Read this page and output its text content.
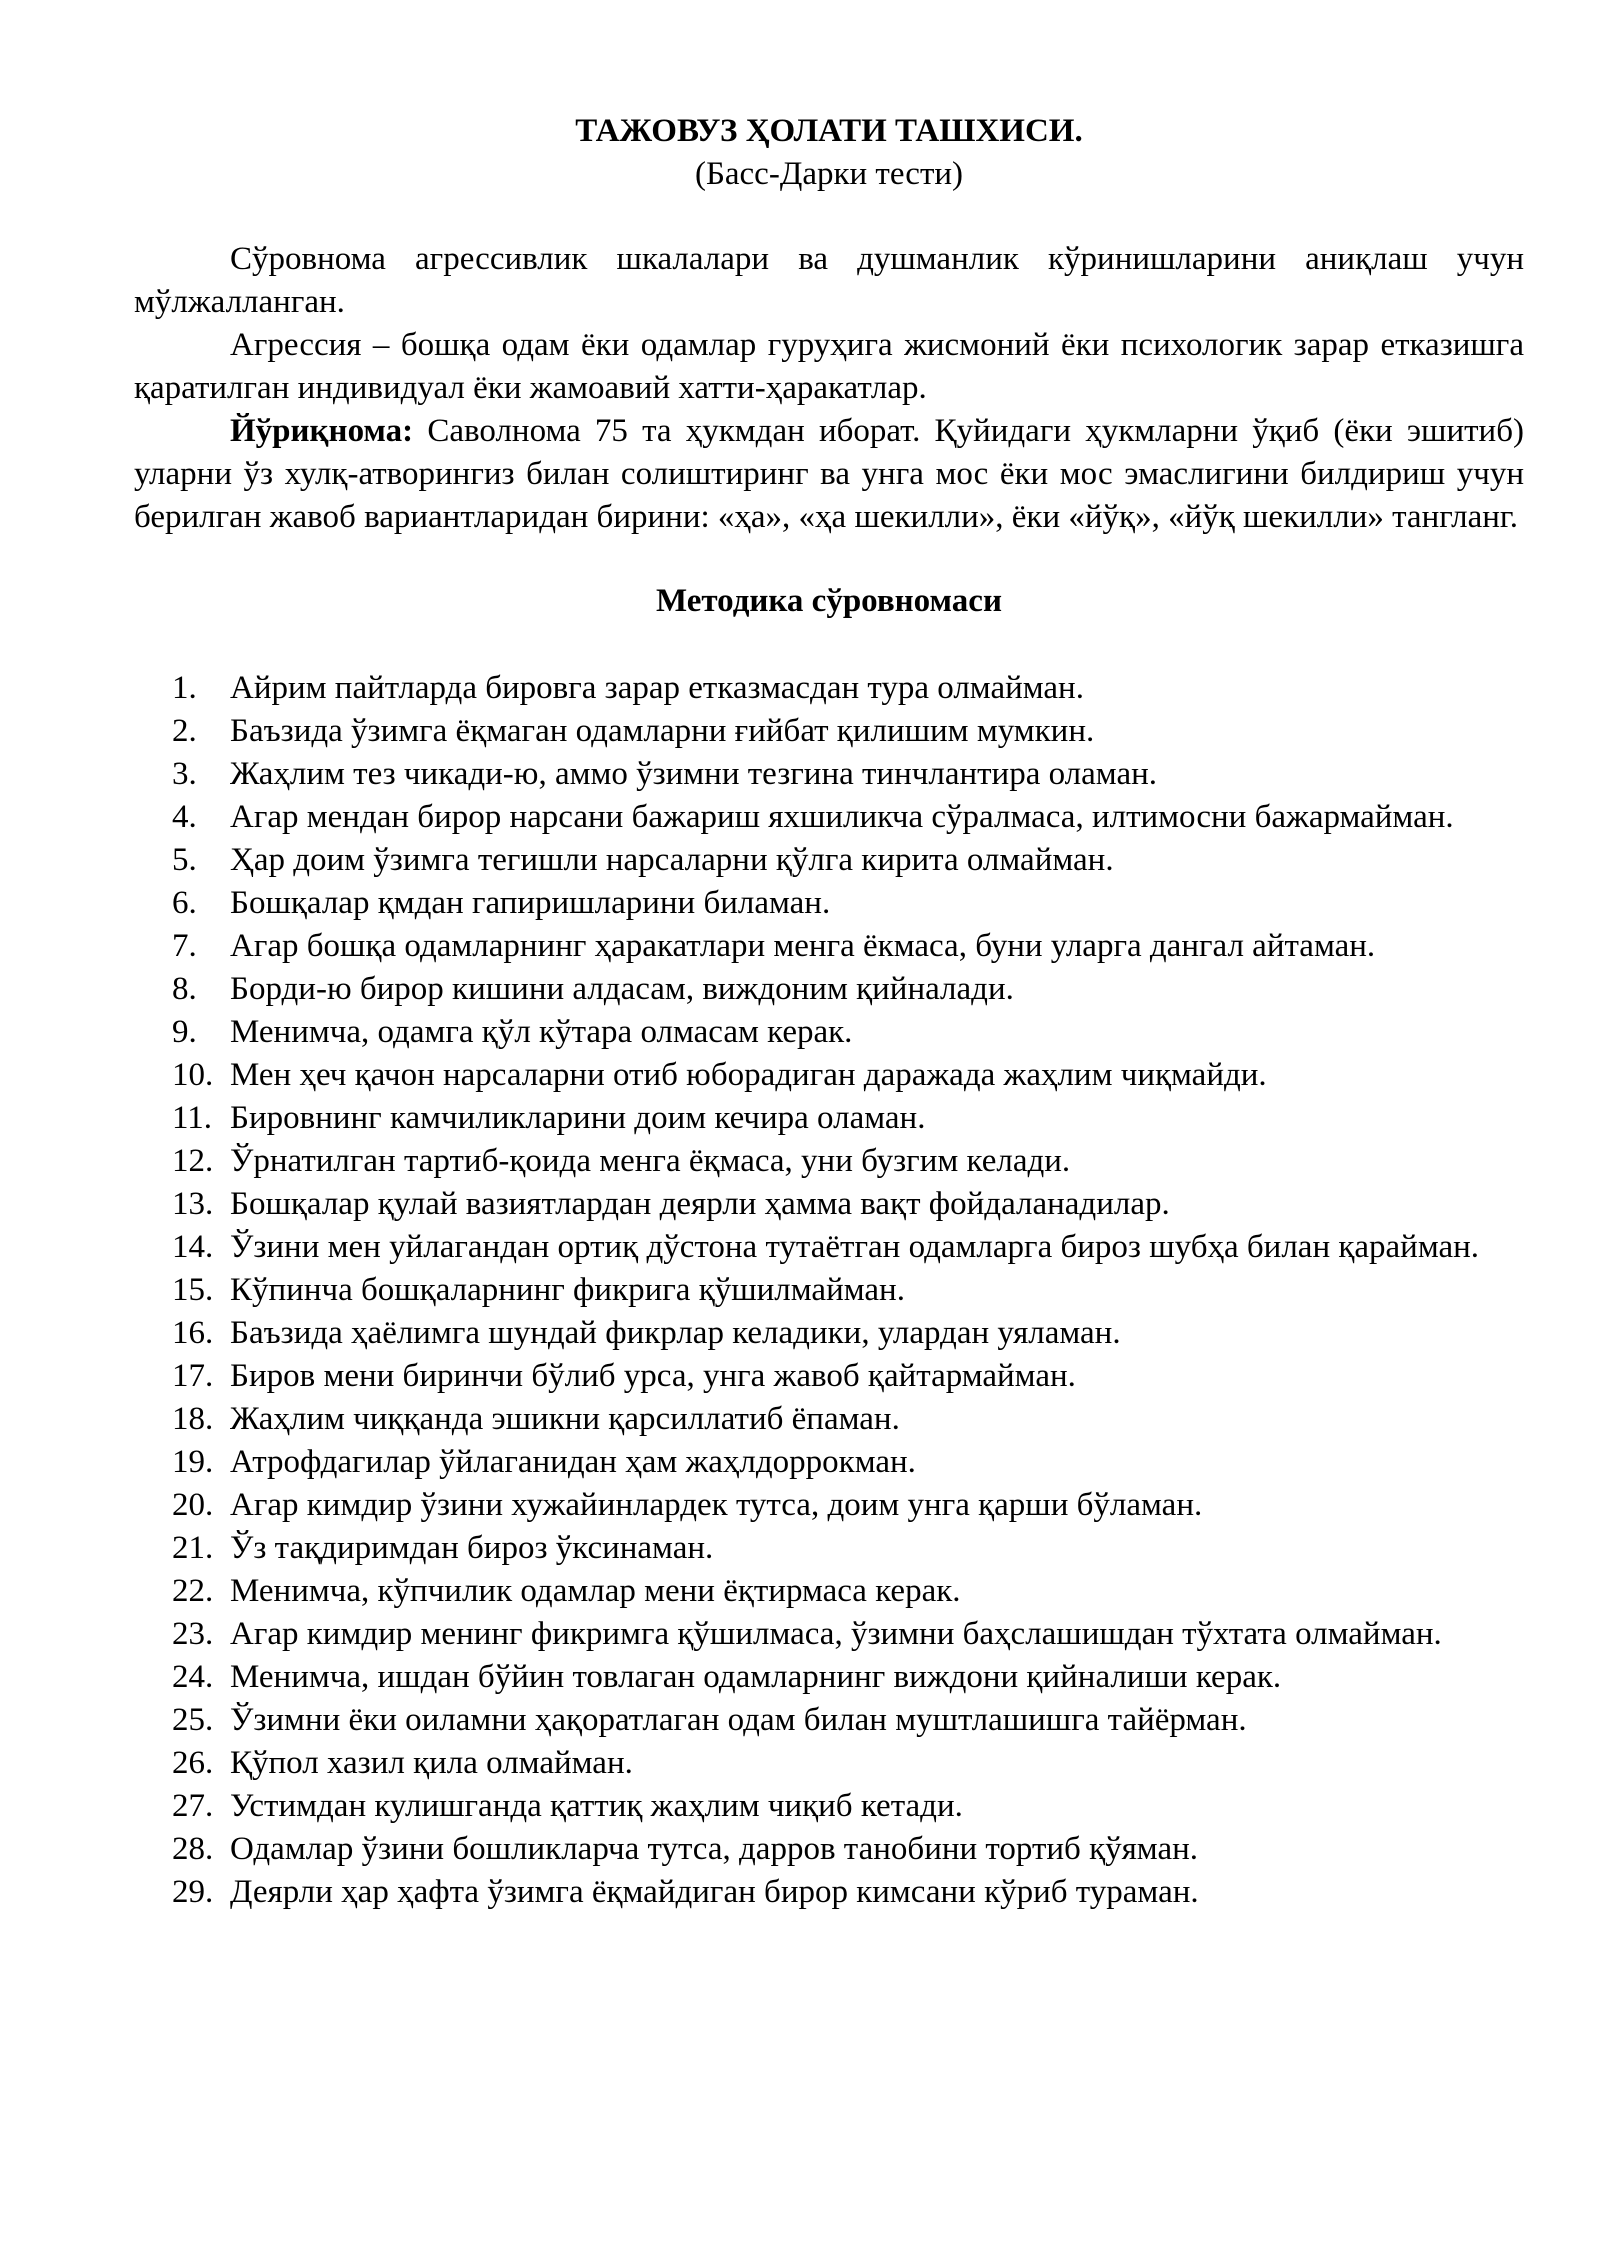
ТАЖОВУЗ ҲОЛАТИ ТАШХИСИ.

(Басс-Дарки тести)

Сўровнома агрессивлик шкалалари ва душманлик кўринишларини аниқлаш учун мўлжалланган.

Агрессия – бошқа одам ёки одамлар гуруҳига жисмоний ёки психологик зарар етказишга қаратилган индивидуал ёки жамоавий хатти-ҳаракатлар.

Йўриқнома: Саволнома 75 та ҳукмдан иборат. Қуйидаги ҳукмларни ўқиб (ёки эшитиб) уларни ўз хулқ-атворингиз билан солиштиринг ва унга мос ёки мос эмаслигини билдириш учун берилган жавоб вариантларидан бирини: «ҳа», «ҳа шекилли», ёки «йўқ», «йўқ шекилли» тангланг.

Методика сўровномаси

1. Айрим пайтларда бировга зарар етказмасдан тура олмайман.
2. Баъзида ўзимга ёқмаган одамларни ғийбат қилишим мумкин.
3. Жаҳлим тез чикади-ю, аммо ўзимни тезгина тинчлантира оламан.
4. Агар мендан бирор нарсани бажариш яхшиликча сўралмаса, илтимосни бажармайман.
5. Ҳар доим ўзимга тегишли нарсаларни қўлга кирита олмайман.
6. Бошқалар қмдан гапиришларини биламан.
7. Агар бошқа одамларнинг ҳаракатлари менга ёкмаса, буни уларга дангал айтаман.
8. Борди-ю бирор кишини алдасам, виждоним қийналади.
9. Менимча, одамга қўл кўтара олмасам керак.
10. Мен ҳеч қачон нарсаларни отиб юборадиган даражада жаҳлим чиқмайди.
11. Бировнинг камчиликларини доим кечира оламан.
12. Ўрнатилган тартиб-қоида менга ёқмаса, уни бузгим келади.
13. Бошқалар қулай вазиятлардан деярли ҳамма вақт фойдаланадилар.
14. Ўзини мен уйлагандан ортиқ дўстона тутаётган одамларга бироз шубҳа билан қарайман.
15. Кўпинча бошқаларнинг фикрига қўшилмайман.
16. Баъзида ҳаёлимга шундай фикрлар келадики, улардан уяламан.
17. Биров мени биринчи бўлиб урса, унга жавоб қайтармайман.
18. Жаҳлим чиққанда эшикни қарсиллатиб ёпаман.
19. Атрофдагилар ўйлаганидан ҳам жаҳлдоррокман.
20. Агар кимдир ўзини хужайинлардек тутса, доим унга қарши бўламан.
21. Ўз тақдиримдан бироз ўксинаман.
22. Менимча, кўпчилик одамлар мени ёқтирмаса керак.
23. Агар кимдир менинг фикримга қўшилмаса, ўзимни баҳслашишдан тўхтата олмайман.
24. Менимча, ишдан бўйин товлаган одамларнинг виждони қийналиши керак.
25. Ўзимни ёки оиламни ҳақоратлаган одам билан муштлашишга тайёрман.
26. Қўпол хазил қила олмайман.
27. Устимдан кулишганда қаттиқ жаҳлим чиқиб кетади.
28. Одамлар ўзини бошликларча тутса, дарров танобини тортиб қўяман.
29. Деярли ҳар ҳафта ўзимга ёқмайдиган бирор кимсани кўриб тураман.
